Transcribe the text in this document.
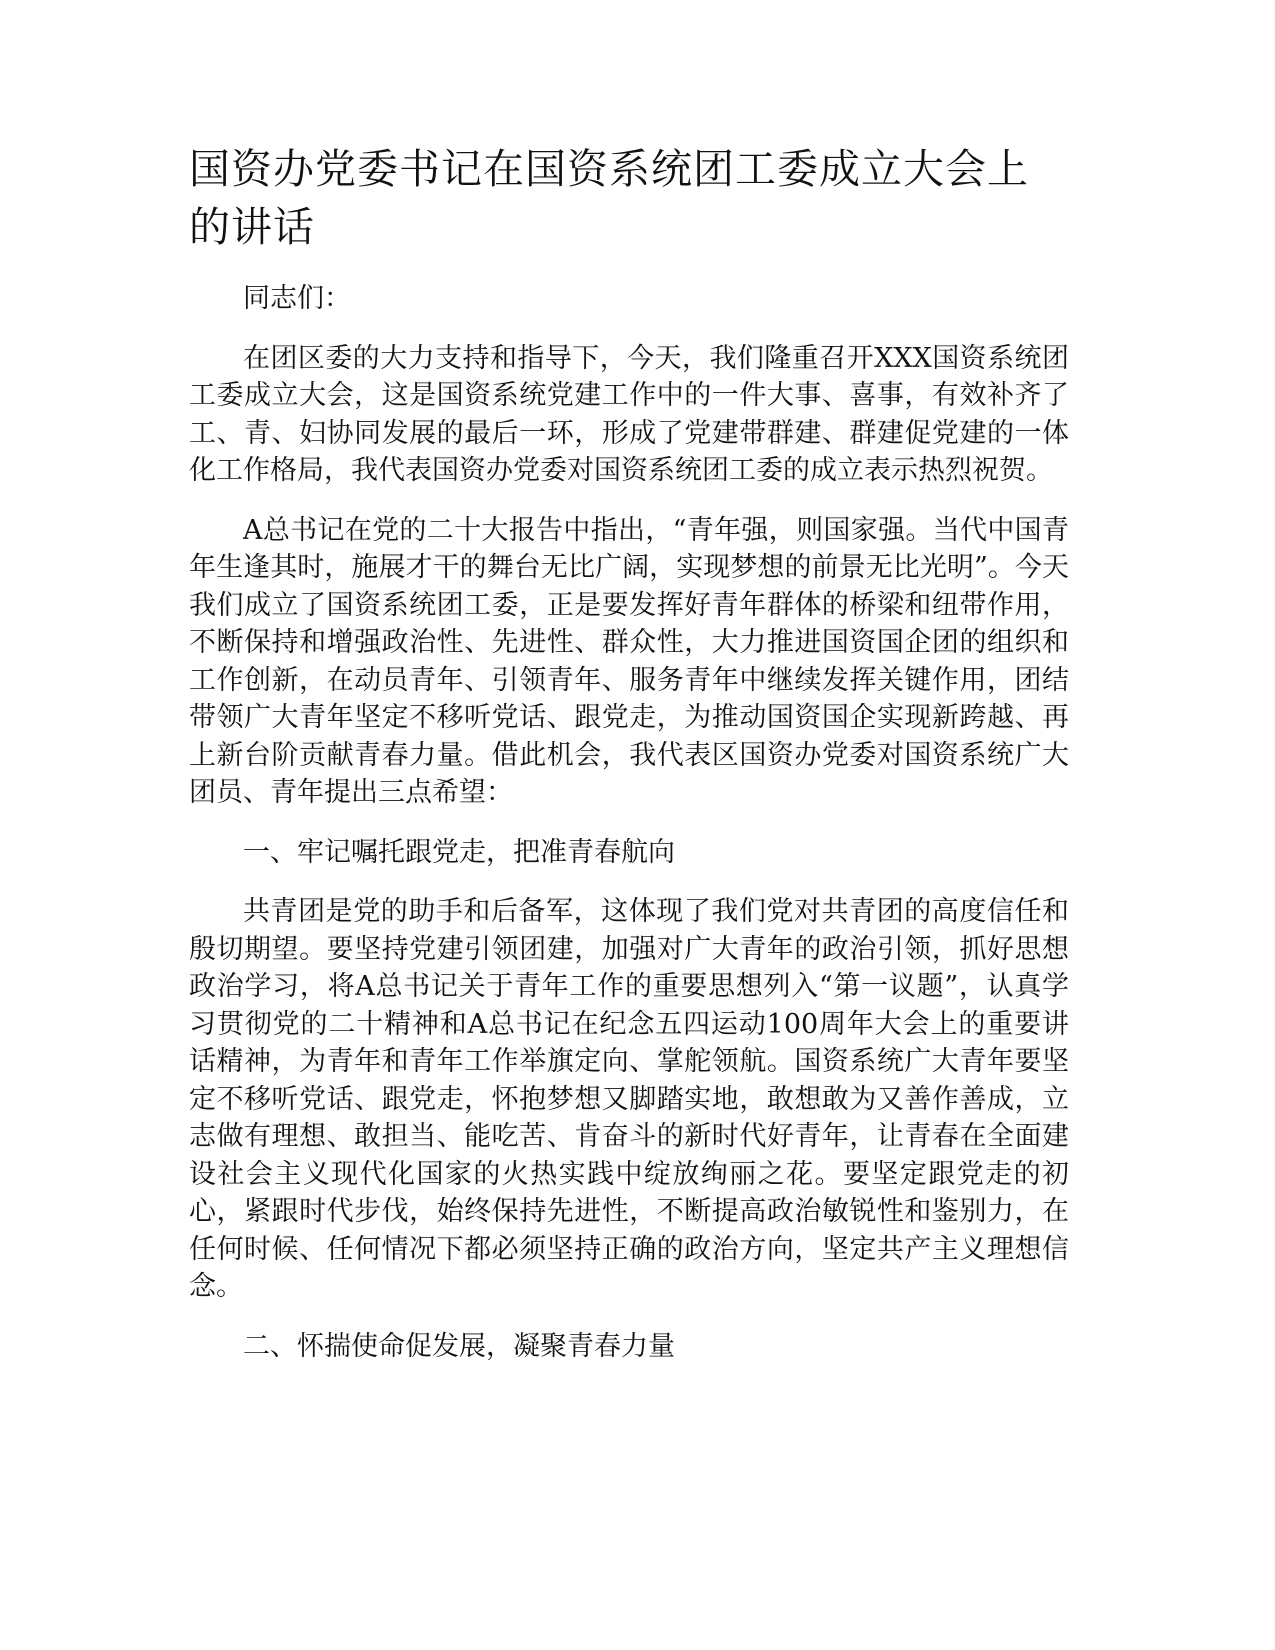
国资办党委书记在国资系统团工委成立大会上的讲话

同志们：

在团区委的大力支持和指导下，今天，我们隆重召开XXX国资系统团工委成立大会，这是国资系统党建工作中的一件大事、喜事，有效补齐了工、青、妇协同发展的最后一环，形成了党建带群建、群建促党建的一体化工作格局，我代表国资办党委对国资系统团工委的成立表示热烈祝贺。

A总书记在党的二十大报告中指出，“青年强，则国家强。当代中国青年生逢其时，施展才干的舞台无比广阔，实现梦想的前景无比光明”。今天我们成立了国资系统团工委，正是要发挥好青年群体的桥梁和纽带作用，不断保持和增强政治性、先进性、群众性，大力推进国资国企团的组织和工作创新，在动员青年、引领青年、服务青年中继续发挥关键作用，团结带领广大青年坚定不移听党话、跟党走，为推动国资国企实现新跨越、再上新台阶贡献青春力量。借此机会，我代表区国资办党委对国资系统广大团员、青年提出三点希望：

一、牢记嘱托跟党走，把准青春航向

共青团是党的助手和后备军，这体现了我们党对共青团的高度信任和殷切期望。要坚持党建引领团建，加强对广大青年的政治引领，抓好思想政治学习，将A总书记关于青年工作的重要思想列入“第一议题”，认真学习贯彻党的二十精神和A总书记在纪念五四运动100周年大会上的重要讲话精神，为青年和青年工作举旗定向、掌舵领航。国资系统广大青年要坚定不移听党话、跟党走，怀抱梦想又脚踏实地，敢想敢为又善作善成，立志做有理想、敢担当、能吃苦、肯奋斗的新时代好青年，让青春在全面建设社会主义现代化国家的火热实践中绽放绚丽之花。要坚定跟党走的初心，紧跟时代步伐，始终保持先进性，不断提高政治敏锐性和鉴别力，在任何时候、任何情况下都必须坚持正确的政治方向，坚定共产主义理想信念。

二、怀揣使命促发展，凝聚青春力量
